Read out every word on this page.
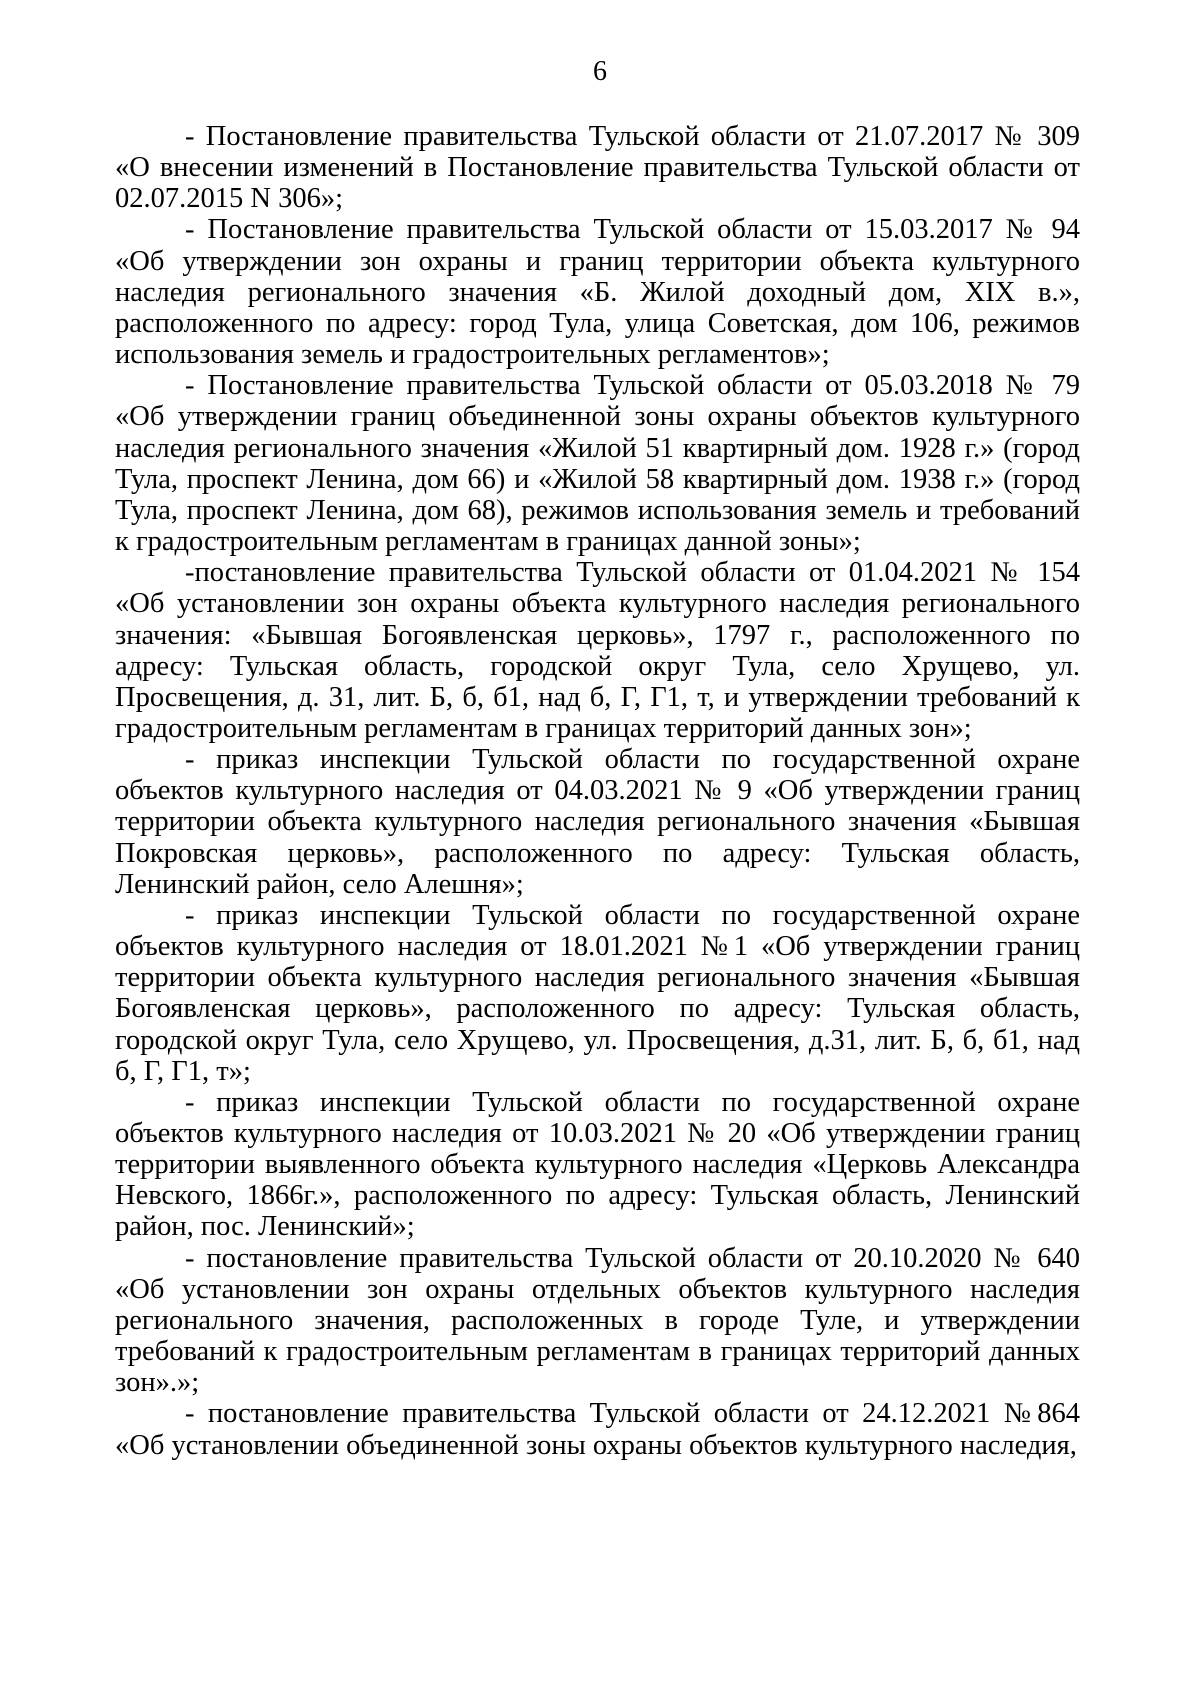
6

- Постановление правительства Тульской области от 21.07.2017 № 309 «О внесении изменений в Постановление правительства Тульской области от 02.07.2015 N 306»;

- Постановление правительства Тульской области от 15.03.2017 № 94 «Об утверждении зон охраны и границ территории объекта культурного наследия регионального значения «Б. Жилой доходный дом, XIX в.», расположенного по адресу: город Тула, улица Советская, дом 106, режимов использования земель и градостроительных регламентов»;

- Постановление правительства Тульской области от 05.03.2018 № 79 «Об утверждении границ объединенной зоны охраны объектов культурного наследия регионального значения «Жилой 51 квартирный дом. 1928 г.» (город Тула, проспект Ленина, дом 66) и «Жилой 58 квартирный дом. 1938 г.» (город Тула, проспект Ленина, дом 68), режимов использования земель и требований к градостроительным регламентам в границах данной зоны»;

-постановление правительства Тульской области от 01.04.2021 № 154 «Об установлении зон охраны объекта культурного наследия регионального значения: «Бывшая Богоявленская церковь», 1797 г., расположенного по адресу: Тульская область, городской округ Тула, село Хрущево, ул. Просвещения, д. 31, лит. Б, б, б1, над б, Г, Г1, т, и утверждении требований к градостроительным регламентам в границах территорий данных зон»;

- приказ инспекции Тульской области по государственной охране объектов культурного наследия от 04.03.2021 № 9 «Об утверждении границ территории объекта культурного наследия регионального значения «Бывшая Покровская церковь», расположенного по адресу: Тульская область, Ленинский район, село Алешня»;

- приказ инспекции Тульской области по государственной охране объектов культурного наследия от 18.01.2021 №1 «Об утверждении границ территории объекта культурного наследия регионального значения «Бывшая Богоявленская церковь», расположенного по адресу: Тульская область, городской округ Тула, село Хрущево, ул. Просвещения, д.31, лит. Б, б, б1, над б, Г, Г1, т»;

- приказ инспекции Тульской области по государственной охране объектов культурного наследия от 10.03.2021 № 20 «Об утверждении границ территории выявленного объекта культурного наследия «Церковь Александра Невского, 1866г.», расположенного по адресу: Тульская область, Ленинский район, пос. Ленинский»;

- постановление правительства Тульской области от 20.10.2020 № 640 «Об установлении зон охраны отдельных объектов культурного наследия регионального значения, расположенных в городе Туле, и утверждении требований к градостроительным регламентам в границах территорий данных зон».»;

- постановление правительства Тульской области от 24.12.2021 №864 «Об установлении объединенной зоны охраны объектов культурного наследия,
